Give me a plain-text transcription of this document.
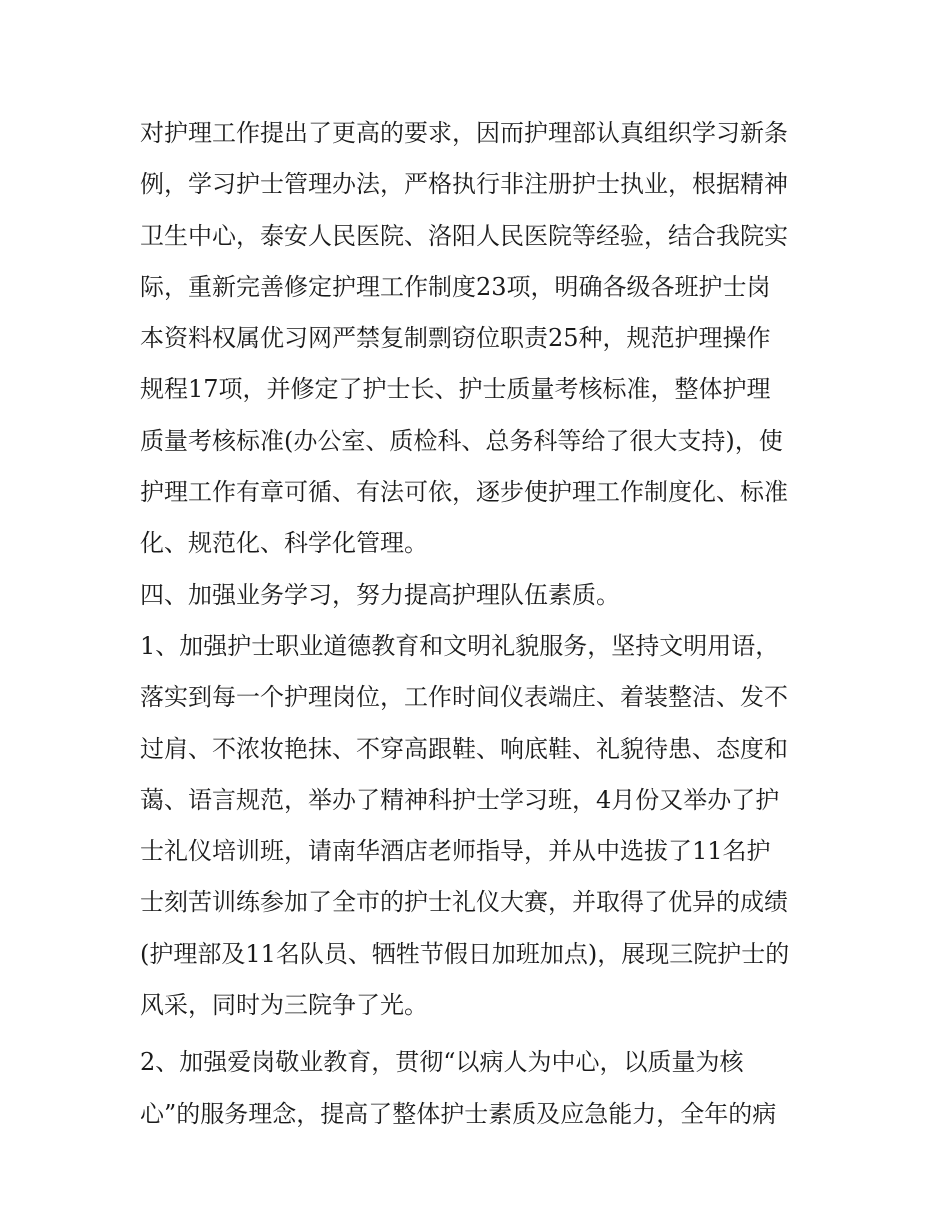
对护理工作提出了更高的要求，因而护理部认真组织学习新条
例，学习护士管理办法，严格执行非注册护士执业，根据精神
卫生中心，泰安人民医院、洛阳人民医院等经验，结合我院实
际，重新完善修定护理工作制度23项，明确各级各班护士岗
本资料权属优习网严禁复制剽窃位职责25种，规范护理操作
规程17项，并修定了护士长、护士质量考核标准，整体护理
质量考核标准(办公室、质检科、总务科等给了很大支持)，使
护理工作有章可循、有法可依，逐步使护理工作制度化、标准
化、规范化、科学化管理。
四、加强业务学习，努力提高护理队伍素质。
1、加强护士职业道德教育和文明礼貌服务，坚持文明用语，
落实到每一个护理岗位，工作时间仪表端庄、着装整洁、发不
过肩、不浓妆艳抹、不穿高跟鞋、响底鞋、礼貌待患、态度和
蔼、语言规范，举办了精神科护士学习班，4月份又举办了护
士礼仪培训班，请南华酒店老师指导，并从中选拔了11名护
士刻苦训练参加了全市的护士礼仪大赛，并取得了优异的成绩
(护理部及11名队员、牺牲节假日加班加点)，展现三院护士的
风采，同时为三院争了光。
2、加强爱岗敬业教育，贯彻“以病人为中心，以质量为核
心”的服务理念，提高了整体护士素质及应急能力，全年的病
